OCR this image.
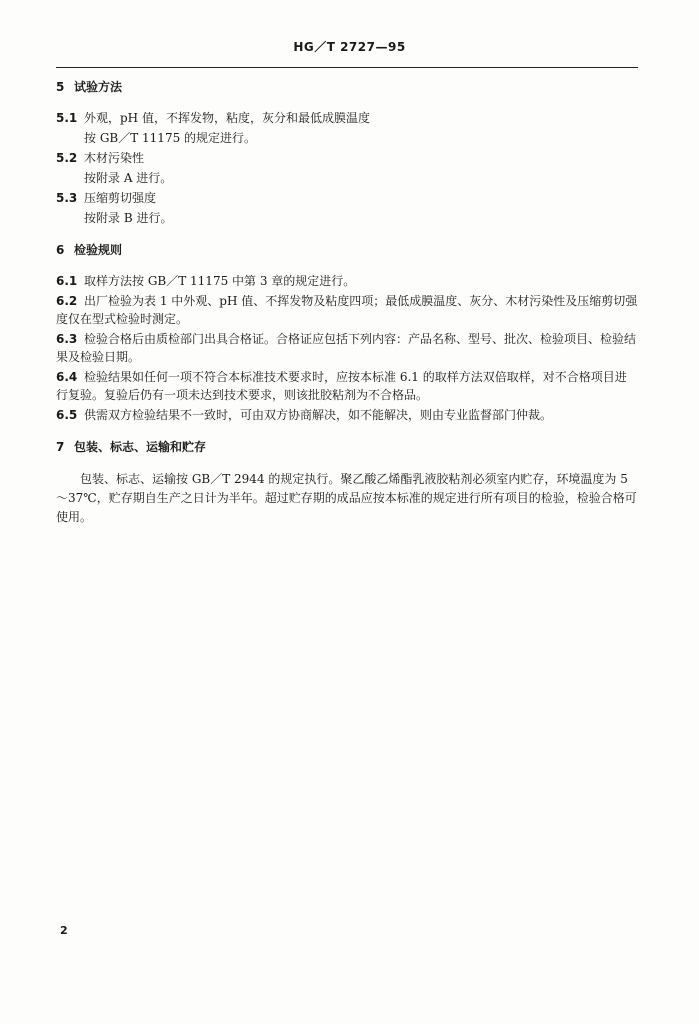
HG／T 2727—95

5 试验方法

5.1 外观，pH 值，不挥发物，粘度，灰分和最低成膜温度

按 GB／T 11175 的规定进行。

5.2 木材污染性

按附录 A 进行。

5.3 压缩剪切强度

按附录 B 进行。

6 检验规则

6.1 取样方法按 GB／T 11175 中第 3 章的规定进行。

6.2 出厂检验为表 1 中外观、pH 值、不挥发物及粘度四项；最低成膜温度、灰分、木材污染性及压缩剪切强度仅在型式检验时测定。

6.3 检验合格后由质检部门出具合格证。合格证应包括下列内容：产品名称、型号、批次、检验项目、检验结果及检验日期。

6.4 检验结果如任何一项不符合本标准技术要求时，应按本标准 6.1 的取样方法双倍取样，对不合格项目进行复验。复验后仍有一项未达到技术要求，则该批胶粘剂为不合格品。

6.5 供需双方检验结果不一致时，可由双方协商解决，如不能解决，则由专业监督部门仲裁。

7 包装、标志、运输和贮存

包装、标志、运输按 GB／T 2944 的规定执行。聚乙酸乙烯酯乳液胶粘剂必须室内贮存，环境温度为 5～37℃，贮存期自生产之日计为半年。超过贮存期的成品应按本标准的规定进行所有项目的检验，检验合格可使用。

2
